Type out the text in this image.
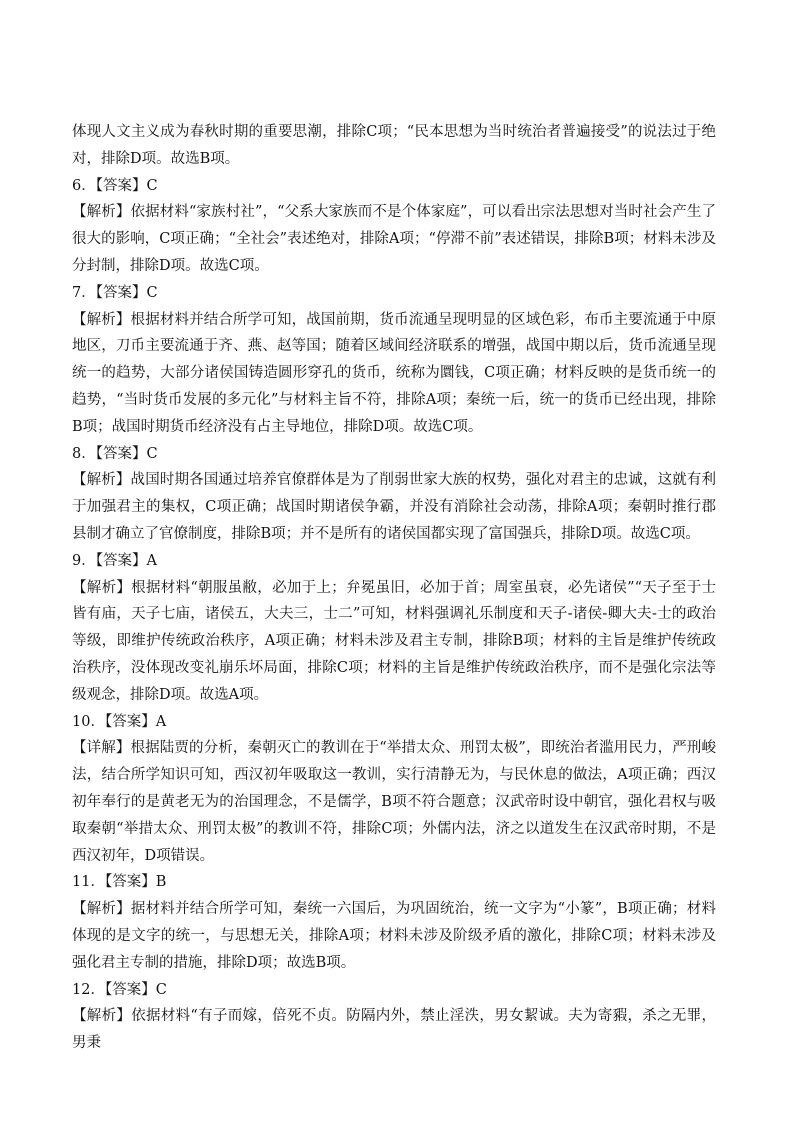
体现人文主义成为春秋时期的重要思潮，排除C项；“民本思想为当时统治者普遍接受”的说法过于绝对，排除D项。故选B项。

6．【答案】C

【解析】依据材料“家族村社”，“父系大家族而不是个体家庭”，可以看出宗法思想对当时社会产生了很大的影响，C项正确；“全社会”表述绝对，排除A项；“停滞不前”表述错误，排除B项；材料未涉及分封制，排除D项。故选C项。

7．【答案】C

【解析】根据材料并结合所学可知，战国前期，货币流通呈现明显的区域色彩，布币主要流通于中原地区，刀币主要流通于齐、燕、赵等国；随着区域间经济联系的增强，战国中期以后，货币流通呈现统一的趋势，大部分诸侯国铸造圆形穿孔的货币，统称为圜钱，C项正确；材料反映的是货币统一的趋势，“当时货币发展的多元化”与材料主旨不符，排除A项；秦统一后，统一的货币已经出现，排除B项；战国时期货币经济没有占主导地位，排除D项。故选C项。

8．【答案】C

【解析】战国时期各国通过培养官僚群体是为了削弱世家大族的权势，强化对君主的忠诚，这就有利于加强君主的集权，C项正确；战国时期诸侯争霸，并没有消除社会动荡，排除A项；秦朝时推行郡县制才确立了官僚制度，排除B项；并不是所有的诸侯国都实现了富国强兵，排除D项。故选C项。

9．【答案】A

【解析】根据材料“朝服虽敝，必加于上；弁冕虽旧，必加于首；周室虽衰，必先诸侯”“天子至于士皆有庙，天子七庙，诸侯五，大夫三，士二”可知，材料强调礼乐制度和天子-诸侯-卿大夫-士的政治等级，即维护传统政治秩序，A项正确；材料未涉及君主专制，排除B项；材料的主旨是维护传统政治秩序，没体现改变礼崩乐坏局面，排除C项；材料的主旨是维护传统政治秩序，而不是强化宗法等级观念，排除D项。故选A项。

10．【答案】A

【详解】根据陆贾的分析，秦朝灭亡的教训在于“举措太众、刑罚太极”，即统治者滥用民力，严刑峻法，结合所学知识可知，西汉初年吸取这一教训，实行清静无为，与民休息的做法，A项正确；西汉初年奉行的是黄老无为的治国理念，不是儒学，B项不符合题意；汉武帝时设中朝官，强化君权与吸取秦朝“举措太众、刑罚太极”的教训不符，排除C项；外儒内法，济之以道发生在汉武帝时期，不是西汉初年，D项错误。

11．【答案】B

【解析】据材料并结合所学可知，秦统一六国后，为巩固统治，统一文字为“小篆”，B项正确；材料体现的是文字的统一，与思想无关，排除A项；材料未涉及阶级矛盾的激化，排除C项；材料未涉及强化君主专制的措施，排除D项；故选B项。

12．【答案】C

【解析】依据材料“有子而嫁，倍死不贞。防隔内外，禁止淫泆，男女絜诚。夫为寄豭，杀之无罪，男秉
